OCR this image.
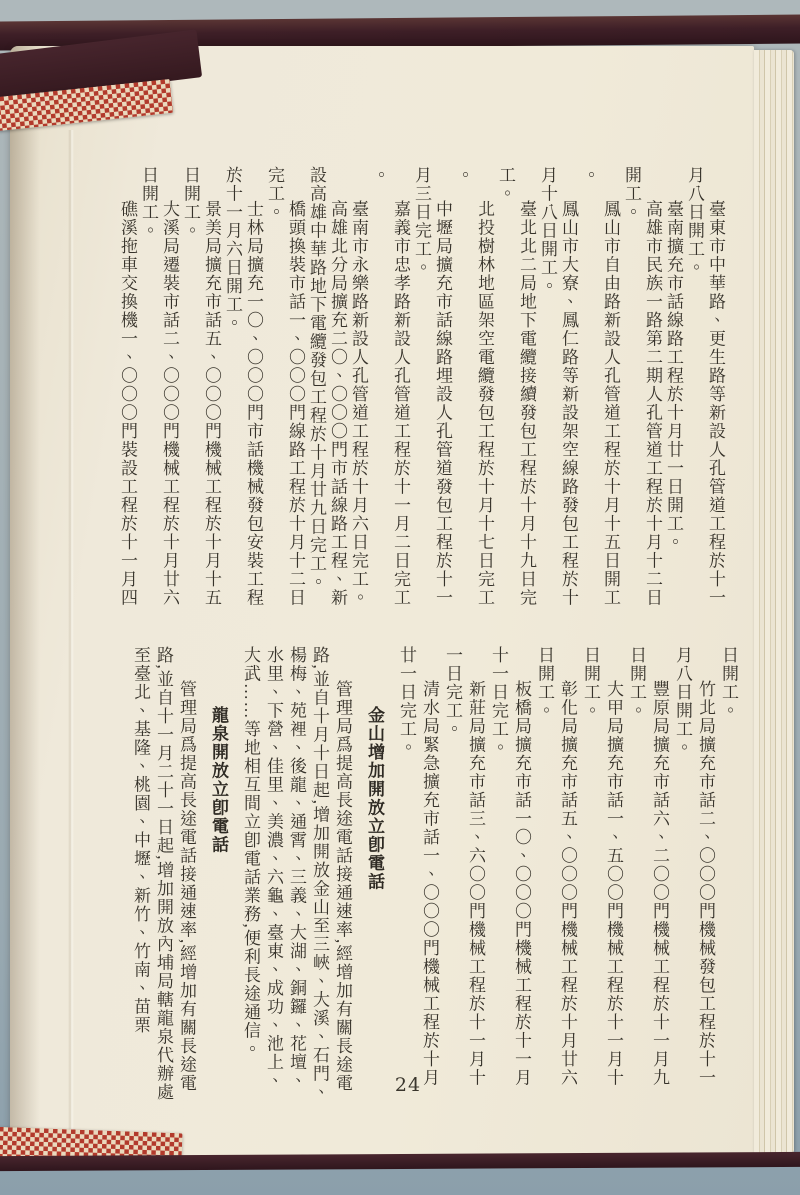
臺東市中華路、更生路等新設人孔管道工程於十一月八日開工。

臺南擴充市話線路工程於十月廿一日開工。

高雄市民族一路第二期人孔管道工程於十月十二日開工。

鳳山市自由路新設人孔管道工程於十月十五日開工。

鳳山市大寮、鳳仁路等新設架空線路發包工程於十月十八日開工。

臺北北二局地下電纜接續發包工程於十月十九日完工。

北投樹林地區架空電纜發包工程於十月十七日完工。

中壢局擴充市話線路埋設人孔管道發包工程於十一月三日完工。

嘉義市忠孝路新設人孔管道工程於十一月二日完工。

臺南市永樂路新設人孔管道工程於十月六日完工。

高雄北分局擴充二〇、〇〇〇門市話線路工程、新設高雄中華路地下電纜發包工程於十月廿九日完工。

橋頭換裝市話一、〇〇〇門線路工程於十月十二日完工。

士林局擴充一〇、〇〇〇門市話機械發包安裝工程於十一月六日開工。

景美局擴充市話五、〇〇〇門機械工程於十月十五日開工。

大溪局遷裝市話二、〇〇〇門機械工程於十月廿六日開工。

礁溪拖車交換機一、〇〇〇門裝設工程於十一月四

日開工。

竹北局擴充市話二、〇〇〇門機械發包工程於十一月八日開工。

豐原局擴充市話六、二〇〇門機械工程於十一月九日開工。

大甲局擴充市話一、五〇〇門機械工程於十一月十日開工。

彰化局擴充市話五、〇〇〇門機械工程於十月廿六日開工。

板橋局擴充市話一〇、〇〇〇門機械工程於十一月十一日完工。

新莊局擴充市話三、六〇〇門機械工程於十一月十一日完工。

清水局緊急擴充市話一、〇〇〇門機械工程於十月廿一日完工。

金山增加開放立卽電話

管理局爲提高長途電話接通速率,經增加有關長途電路,並自十月十日起,增加開放金山至三峽、大溪、石門、楊梅、苑裡、後龍、通霄、三義、大湖、銅鑼、花壇、水里、下營、佳里、美濃、六龜、臺東、成功、池上、大武……等地相互間立卽電話業務,便利長途通信。

龍泉開放立卽電話

管理局爲提高長途電話接通速率,經增加有關長途電路,並自十一月二十一日起,增加開放內埔局轄龍泉代辦處至臺北、基隆、桃園、中壢、新竹、竹南、苗栗

24
